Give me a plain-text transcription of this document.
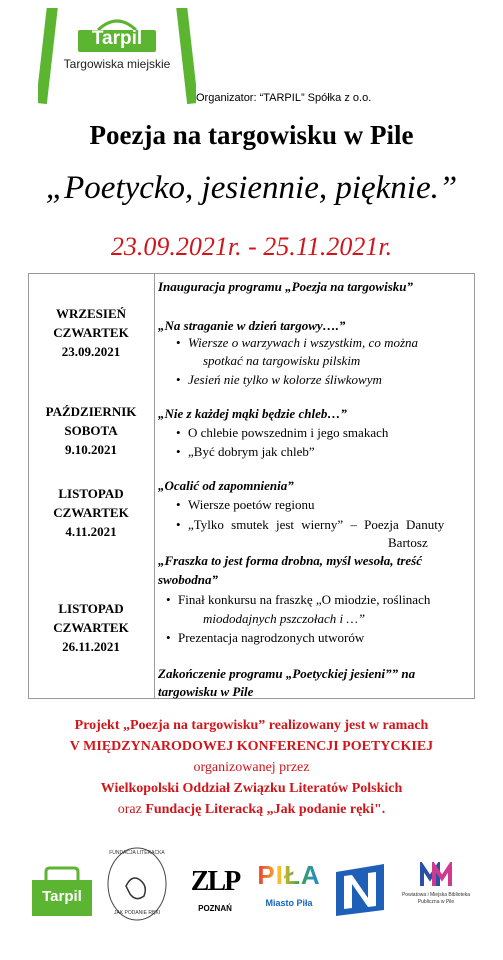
Tarpil
Targowiska miejskie
Organizator: “TARPIL” Spółka z o.o.
Poezja na targowisku w Pile
„Poetycko, jesiennie, pięknie.”
23.09.2021r. - 25.11.2021r.
Inauguracja programu „Poezja na targowisku”
WRZESIEŃ
CZWARTEK
23.09.2021
„Na straganie w dzień targowy….”
• Wiersze o warzywach i wszystkim, co można
spotkać na targowisku pilskim
• Jesień nie tylko w kolorze śliwkowym
PAŹDZIERNIK
SOBOTA
9.10.2021
„Nie z każdej mąki będzie chleb…”
• O chlebie powszednim i jego smakach
• „Być dobrym jak chleb”
LISTOPAD
CZWARTEK
4.11.2021
„Ocalić od zapomnienia”
• Wiersze poetów regionu
• „Tylko smutek jest wierny” – Poezja Danuty
Bartosz
„Fraszka to jest forma drobna, myśl wesoła, treść
swobodna”
LISTOPAD
CZWARTEK
26.11.2021
• Finał konkursu na fraszkę „O miodzie, roślinach
miododajnych pszczołach i …”
• Prezentacja nagrodzonych utworów
Zakończenie programu „Poetyckiej jesieni”” na
targowisku w Pile
Projekt „Poezja na targowisku” realizowany jest w ramach
V MIĘDZYNARODOWEJ KONFERENCJI POETYCKIEJ
organizowanej przez
Wielkopolski Oddział Związku Literatów Polskich
oraz Fundację Literacką „Jak podanie ręki".
Tarpil
FUNDACJA LITERACKA
JAK PODANIE RĘKI
ZLP
POZNAŃ
PIŁA
Miasto Piła
Powiatowa i Miejska Biblioteka Publiczna w Pile
